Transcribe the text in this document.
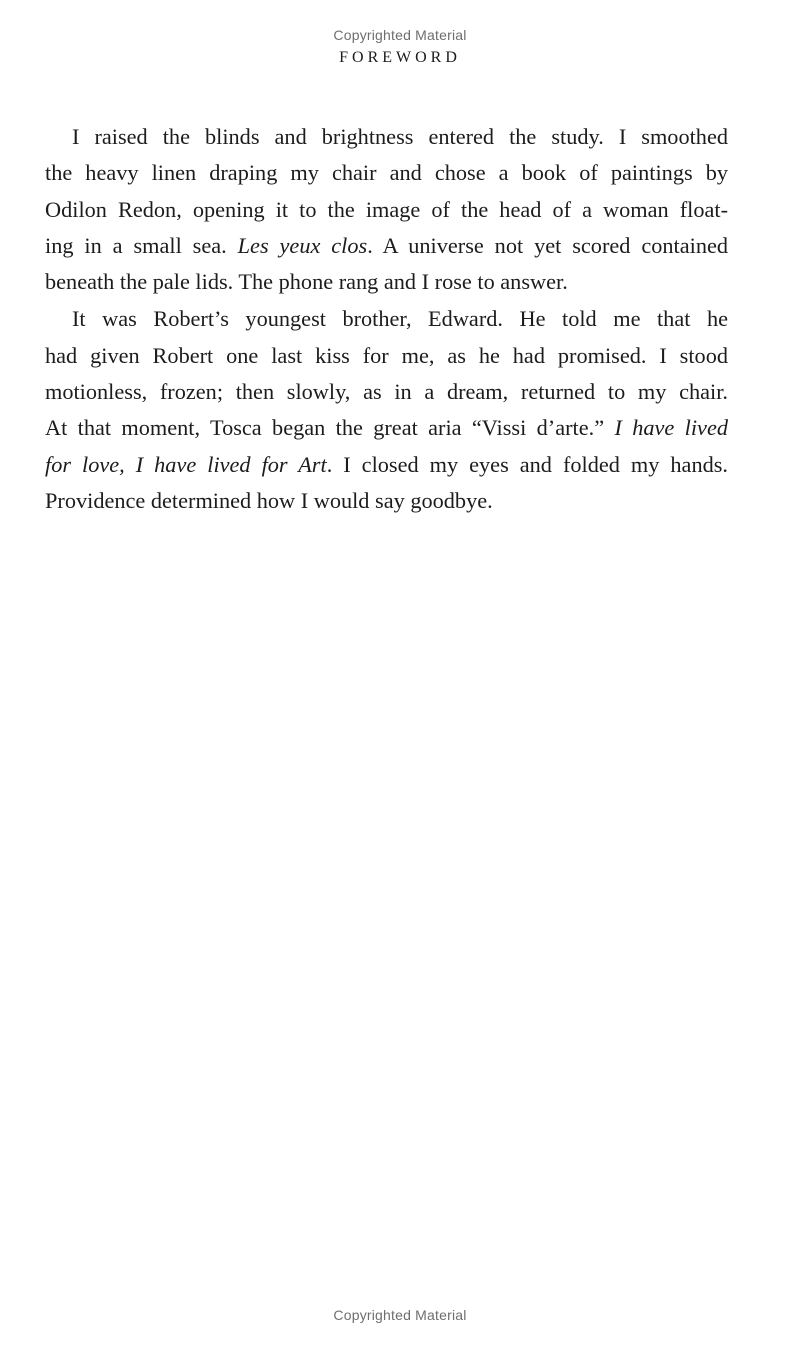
Copyrighted Material
FOREWORD

I raised the blinds and brightness entered the study. I smoothed
the heavy linen draping my chair and chose a book of paintings by
Odilon Redon, opening it to the image of the head of a woman float-
ing in a small sea. Les yeux clos. A universe not yet scored contained
beneath the pale lids. The phone rang and I rose to answer.

It was Robert’s youngest brother, Edward. He told me that he
had given Robert one last kiss for me, as he had promised. I stood
motionless, frozen; then slowly, as in a dream, returned to my chair.
At that moment, Tosca began the great aria “Vissi d’arte.” I have lived
for love, I have lived for Art. I closed my eyes and folded my hands.
Providence determined how I would say goodbye.

Copyrighted Material
